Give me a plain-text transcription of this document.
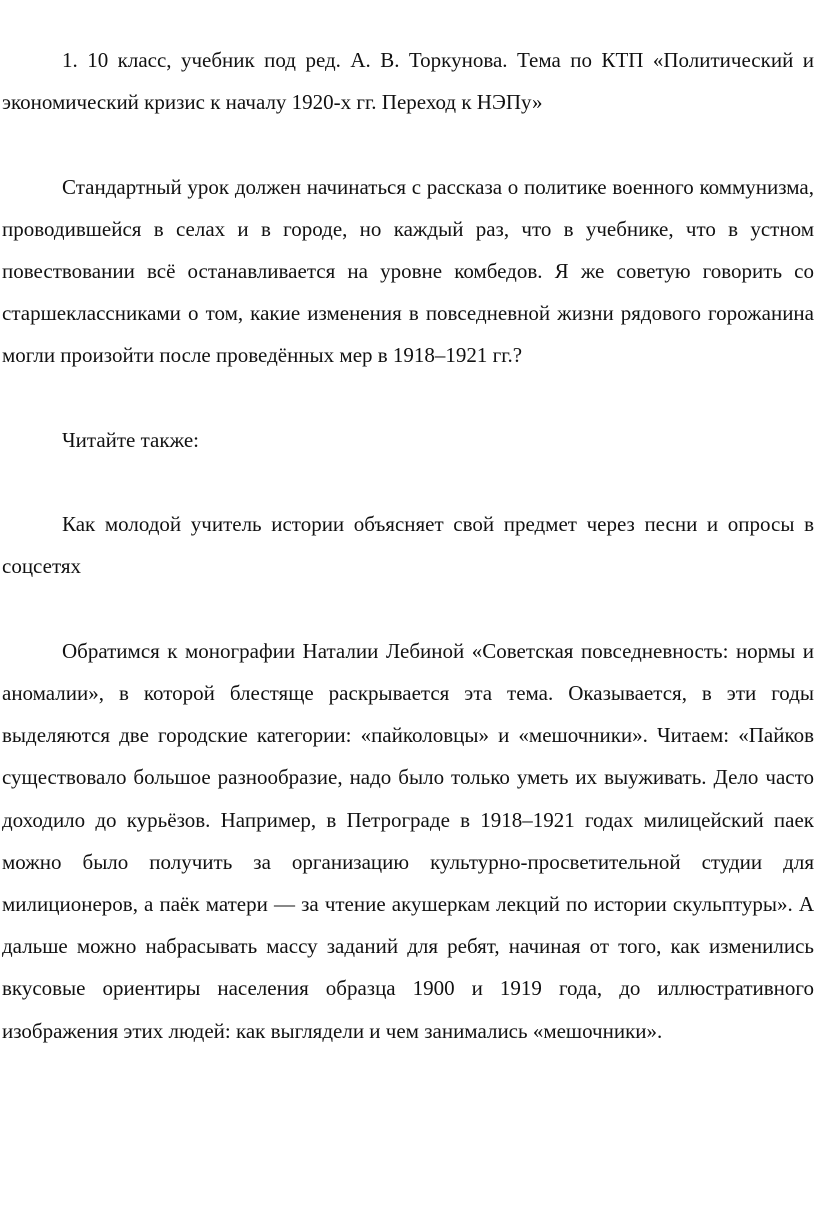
1. 10 класс, учебник под ред. А. В. Торкунова. Тема по КТП «Политический и экономический кризис к началу 1920-х гг. Переход к НЭПу»

Стандартный урок должен начинаться с рассказа о политике военного коммунизма, проводившейся в селах и в городе, но каждый раз, что в учебнике, что в устном повествовании всё останавливается на уровне комбедов. Я же советую говорить со старшеклассниками о том, какие изменения в повседневной жизни рядового горожанина могли произойти после проведённых мер в 1918–1921 гг.?

Читайте также:

Как молодой учитель истории объясняет свой предмет через песни и опросы в соцсетях

Обратимся к монографии Наталии Лебиной «Советская повседневность: нормы и аномалии», в которой блестяще раскрывается эта тема. Оказывается, в эти годы выделяются две городские категории: «пайколовцы» и «мешочники». Читаем: «Пайков существовало большое разнообразие, надо было только уметь их выуживать. Дело часто доходило до курьёзов. Например, в Петрограде в 1918–1921 годах милицейский паек можно было получить за организацию культурно-просветительной студии для милиционеров, а паёк матери — за чтение акушеркам лекций по истории скульптуры». А дальше можно набрасывать массу заданий для ребят, начиная от того, как изменились вкусовые ориентиры населения образца 1900 и 1919 года, до иллюстративного изображения этих людей: как выглядели и чем занимались «мешочники».
